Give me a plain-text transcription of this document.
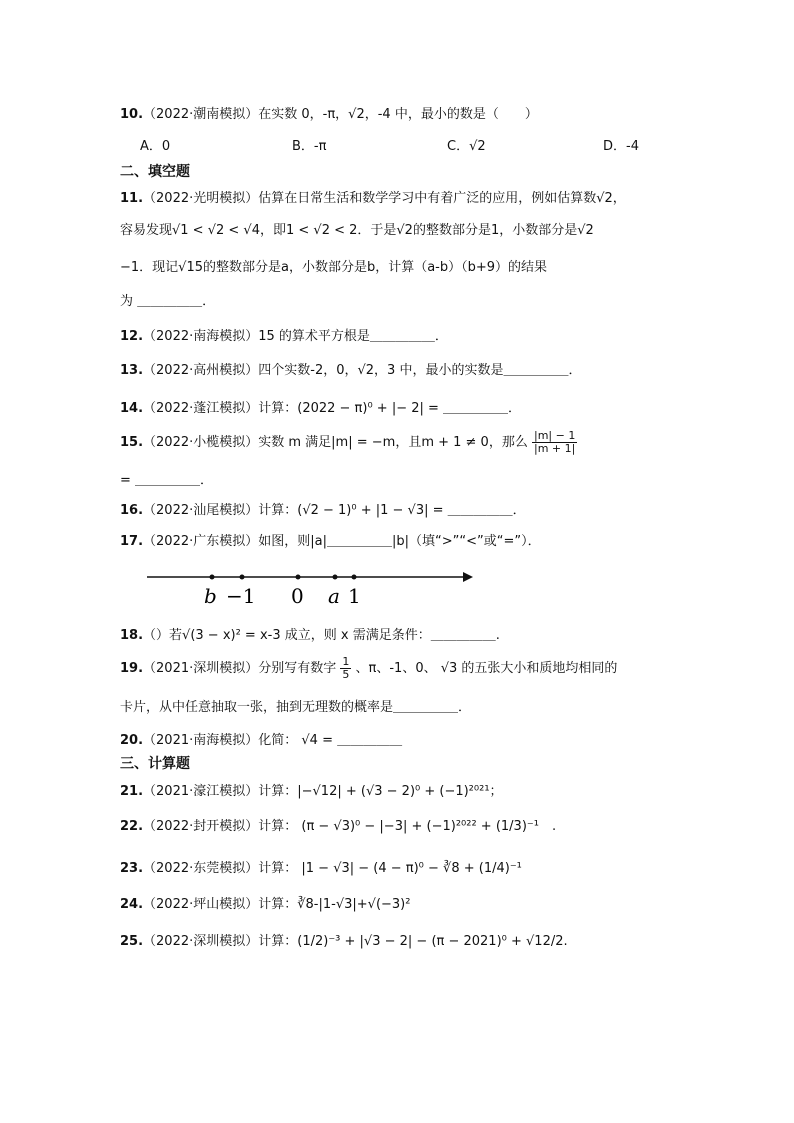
10.（2022·潮南模拟）在实数 0，-π，√2，-4 中，最小的数是（　　）
A．0	B．-π	C．√2	D．-4
二、填空题
11.（2022·光明模拟）估算在日常生活和数学学习中有着广泛的应用，例如估算数√2，
容易发现√1 < √2 < √4，即1 < √2 < 2．于是√2的整数部分是1，小数部分是√2
−1．现记√15的整数部分是a，小数部分是b，计算（a-b）（b+9）的结果
为 ＿＿＿＿＿．
12.（2022·南海模拟）15 的算术平方根是＿＿＿＿＿．
13.（2022·高州模拟）四个实数-2，0，√2，3 中，最小的实数是＿＿＿＿＿．
14.（2022·蓬江模拟）计算：(2022 − π)⁰ + |− 2| = ＿＿＿＿＿．
15.（2022·小榄模拟）实数 m 满足|m| = −m，且m + 1 ≠ 0，那么 $\frac{|m| - 1}{|m + 1|}$
= ＿＿＿＿＿．
16.（2022·汕尾模拟）计算：(√2 − 1)⁰ + |1 − √3| = ＿＿＿＿＿．
17.（2022·广东模拟）如图，则|a|＿＿＿＿＿|b|（填“>”“<”或“=”）．
b −1 0 a 1
18.（）若√(3 − x)² = x-3 成立，则 x 需满足条件：＿＿＿＿＿.
19.（2021·深圳模拟）分别写有数字 $\frac{1}{5}$ 、π、-1、0、 √3 的五张大小和质地均相同的
卡片，从中任意抽取一张，抽到无理数的概率是＿＿＿＿＿．
20.（2021·南海模拟）化简： √4 = ＿＿＿＿＿
三、计算题
21.（2021·濠江模拟）计算：|−√12| + (√3 − 2)⁰ + (−1)²⁰²¹；
22.（2022·封开模拟）计算： (π − √3)⁰ − |−3| + (−1)²⁰²² + (1/3)⁻¹　.
23.（2022·东莞模拟）计算： |1 − √3| − (4 − π)⁰ − ∛8 + (1/4)⁻¹
24.（2022·坪山模拟）计算：∛8-|1-√3|+√(−3)²
25.（2022·深圳模拟）计算：(1/2)⁻³ + |√3 − 2| − (π − 2021)⁰ + √12/2.
